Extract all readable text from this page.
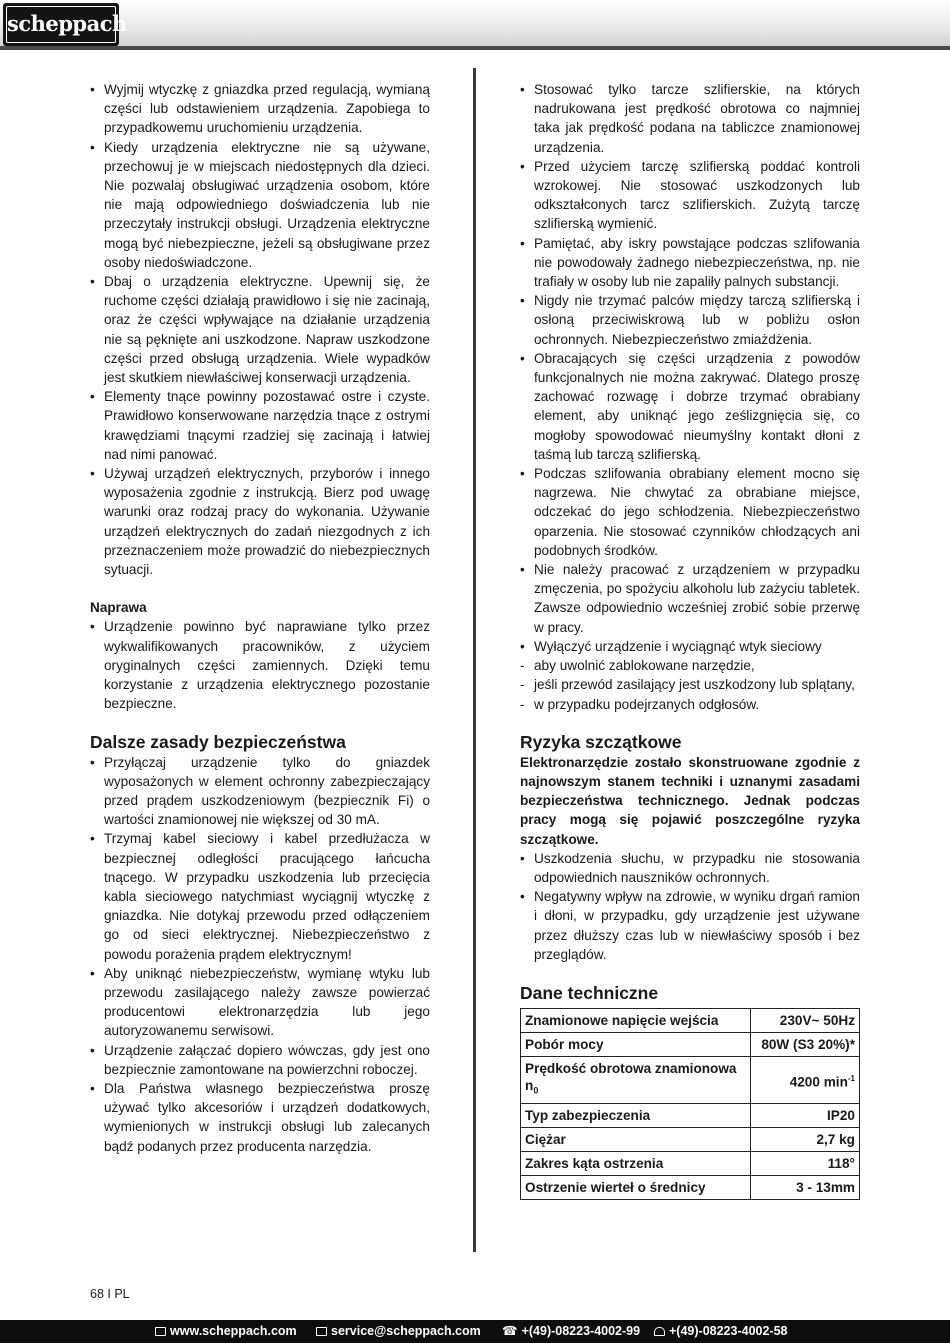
scheppach
• Wyjmij wtyczkę z gniazdka przed regulacją, wymianą części lub odstawieniem urządzenia. Zapobiega to przypadkowemu uruchomieniu urządzenia.
• Kiedy urządzenia elektryczne nie są używane, przechowuj je w miejscach niedostępnych dla dzieci. Nie pozwalaj obsługiwać urządzenia osobom, które nie mają odpowiedniego doświadczenia lub nie przeczytały instrukcji obsługi. Urządzenia elektryczne mogą być niebezpieczne, jeżeli są obsługiwane przez osoby niedoświadczone.
• Dbaj o urządzenia elektryczne. Upewnij się, że ruchome części działają prawidłowo i się nie zacinają, oraz że części wpływające na działanie urządzenia nie są pęknięte ani uszkodzone. Napraw uszkodzone części przed obsługą urządzenia. Wiele wypadków jest skutkiem niewłaściwej konserwacji urządzenia.
• Elementy tnące powinny pozostawać ostre i czyste. Prawidłowo konserwowane narzędzia tnące z ostrymi krawędziami tnącymi rzadziej się zacinają i łatwiej nad nimi panować.
• Używaj urządzeń elektrycznych, przyborów i innego wyposażenia zgodnie z instrukcją. Bierz pod uwagę warunki oraz rodzaj pracy do wykonania. Używanie urządzeń elektrycznych do zadań niezgodnych z ich przeznaczeniem może prowadzić do niebezpiecznych sytuacji.
Naprawa
• Urządzenie powinno być naprawiane tylko przez wykwalifikowanych pracowników, z użyciem oryginalnych części zamiennych. Dzięki temu korzystanie z urządzenia elektrycznego pozostanie bezpieczne.
Dalsze zasady bezpieczeństwa
• Przyłączaj urządzenie tylko do gniazdek wyposażonych w element ochronny zabezpieczający przed prądem uszkodzeniowym (bezpiecznik Fi) o wartości znamionowej nie większej od 30 mA.
• Trzymaj kabel sieciowy i kabel przedłużacza w bezpiecznej odległości pracującego łańcucha tnącego. W przypadku uszkodzenia lub przecięcia kabla sieciowego natychmiast wyciągnij wtyczkę z gniazdka. Nie dotykaj przewodu przed odłączeniem go od sieci elektrycznej. Niebezpieczeństwo z powodu porażenia prądem elektrycznym!
• Aby uniknąć niebezpieczeństw, wymianę wtyku lub przewodu zasilającego należy zawsze powierzać producentowi elektronarzędzia lub jego autoryzowanemu serwisowi.
• Urządzenie załączać dopiero wówczas, gdy jest ono bezpiecznie zamontowane na powierzchni roboczej.
• Dla Państwa własnego bezpieczeństwa proszę używać tylko akcesoriów i urządzeń dodatkowych, wymienionych w instrukcji obsługi lub zalecanych bądź podanych przez producenta narzędzia.
• Stosować tylko tarcze szlifierskie, na których nadrukowana jest prędkość obrotowa co najmniej taka jak prędkość podana na tabliczce znamionowej urządzenia.
• Przed użyciem tarczę szlifierską poddać kontroli wzrokowej. Nie stosować uszkodzonych lub odkształconych tarcz szlifierskich. Zużytą tarczę szlifierską wymienić.
• Pamiętać, aby iskry powstające podczas szlifowania nie powodowały żadnego niebezpieczeństwa, np. nie trafiały w osoby lub nie zapaliły palnych substancji.
• Nigdy nie trzymać palców między tarczą szlifierską i osłoną przeciwiskrową lub w pobliżu osłon ochronnych. Niebezpieczeństwo zmiażdżenia.
• Obracających się części urządzenia z powodów funkcjonalnych nie można zakrywać. Dlatego proszę zachować rozwagę i dobrze trzymać obrabiany element, aby uniknąć jego ześlizgnięcia się, co mogłoby spowodować nieumyślny kontakt dłoni z taśmą lub tarczą szlifierską.
• Podczas szlifowania obrabiany element mocno się nagrzewa. Nie chwytać za obrabiane miejsce, odczekać do jego schłodzenia. Niebezpieczeństwo oparzenia. Nie stosować czynników chłodzących ani podobnych środków.
• Nie należy pracować z urządzeniem w przypadku zmęczenia, po spożyciu alkoholu lub zażyciu tabletek. Zawsze odpowiednio wcześniej zrobić sobie przerwę w pracy.
• Wyłączyć urządzenie i wyciągnąć wtyk sieciowy
- aby uwolnić zablokowane narzędzie,
- jeśli przewód zasilający jest uszkodzony lub splątany,
- w przypadku podejrzanych odgłosów.
Ryzyka szczątkowe
Elektronarzędzie zostało skonstruowane zgodnie z najnowszym stanem techniki i uznanymi zasadami bezpieczeństwa technicznego. Jednak podczas pracy mogą się pojawić poszczególne ryzyka szczątkowe.
• Uszkodzenia słuchu, w przypadku nie stosowania odpowiednich nauszników ochronnych.
• Negatywny wpływ na zdrowie, w wyniku drgań ramion i dłoni, w przypadku, gdy urządzenie jest używane przez dłuższy czas lub w niewłaściwy sposób i bez przeglądów.
Dane techniczne
Znamionowe napięcie wejścia	230V~ 50Hz
Pobór mocy	80W (S3 20%)*
Prędkość obrotowa znamionowa $n_0$	4200 $\min^{-1}$
Typ zabezpieczenia	IP20
Ciężar	2,7 kg
Zakres kąta ostrzenia	118°
Ostrzenie wierteł o średnicy	3 - 13mm
68 I PL
www.scheppach.com	service@scheppach.com ☎ +(49)-08223-4002-99	+(49)-08223-4002-58
